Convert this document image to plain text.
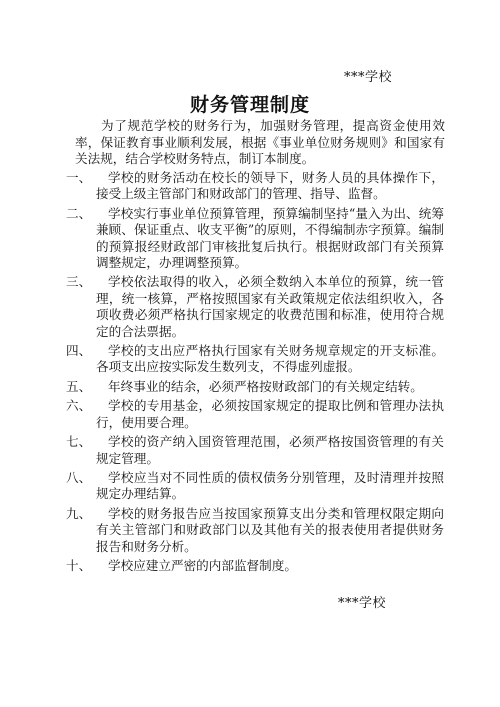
***学校
财务管理制度

为了规范学校的财务行为，加强财务管理，提高资金使用效率，保证教育事业顺利发展，根据《事业单位财务规则》和国家有关法规，结合学校财务特点，制订本制度。

一、	学校的财务活动在校长的领导下，财务人员的具体操作下，接受上级主管部门和财政部门的管理、指导、监督。
二、	学校实行事业单位预算管理，预算编制坚持“量入为出、统筹兼顾、保证重点、收支平衡”的原则，不得编制赤字预算。编制的预算报经财政部门审核批复后执行。根据财政部门有关预算调整规定，办理调整预算。
三、	学校依法取得的收入，必须全数纳入本单位的预算，统一管理，统一核算，严格按照国家有关政策规定依法组织收入，各项收费必须严格执行国家规定的收费范围和标准，使用符合规定的合法票据。
四、	学校的支出应严格执行国家有关财务规章规定的开支标准。各项支出应按实际发生数列支，不得虚列虚报。
五、	年终事业的结余，必须严格按财政部门的有关规定结转。
六、	学校的专用基金，必须按国家规定的提取比例和管理办法执行，使用要合理。
七、	学校的资产纳入国资管理范围，必须严格按国资管理的有关规定管理。
八、	学校应当对不同性质的债权债务分别管理，及时清理并按照规定办理结算。
九、	学校的财务报告应当按国家预算支出分类和管理权限定期向有关主管部门和财政部门以及其他有关的报表使用者提供财务报告和财务分析。
十、	学校应建立严密的内部监督制度。
***学校
